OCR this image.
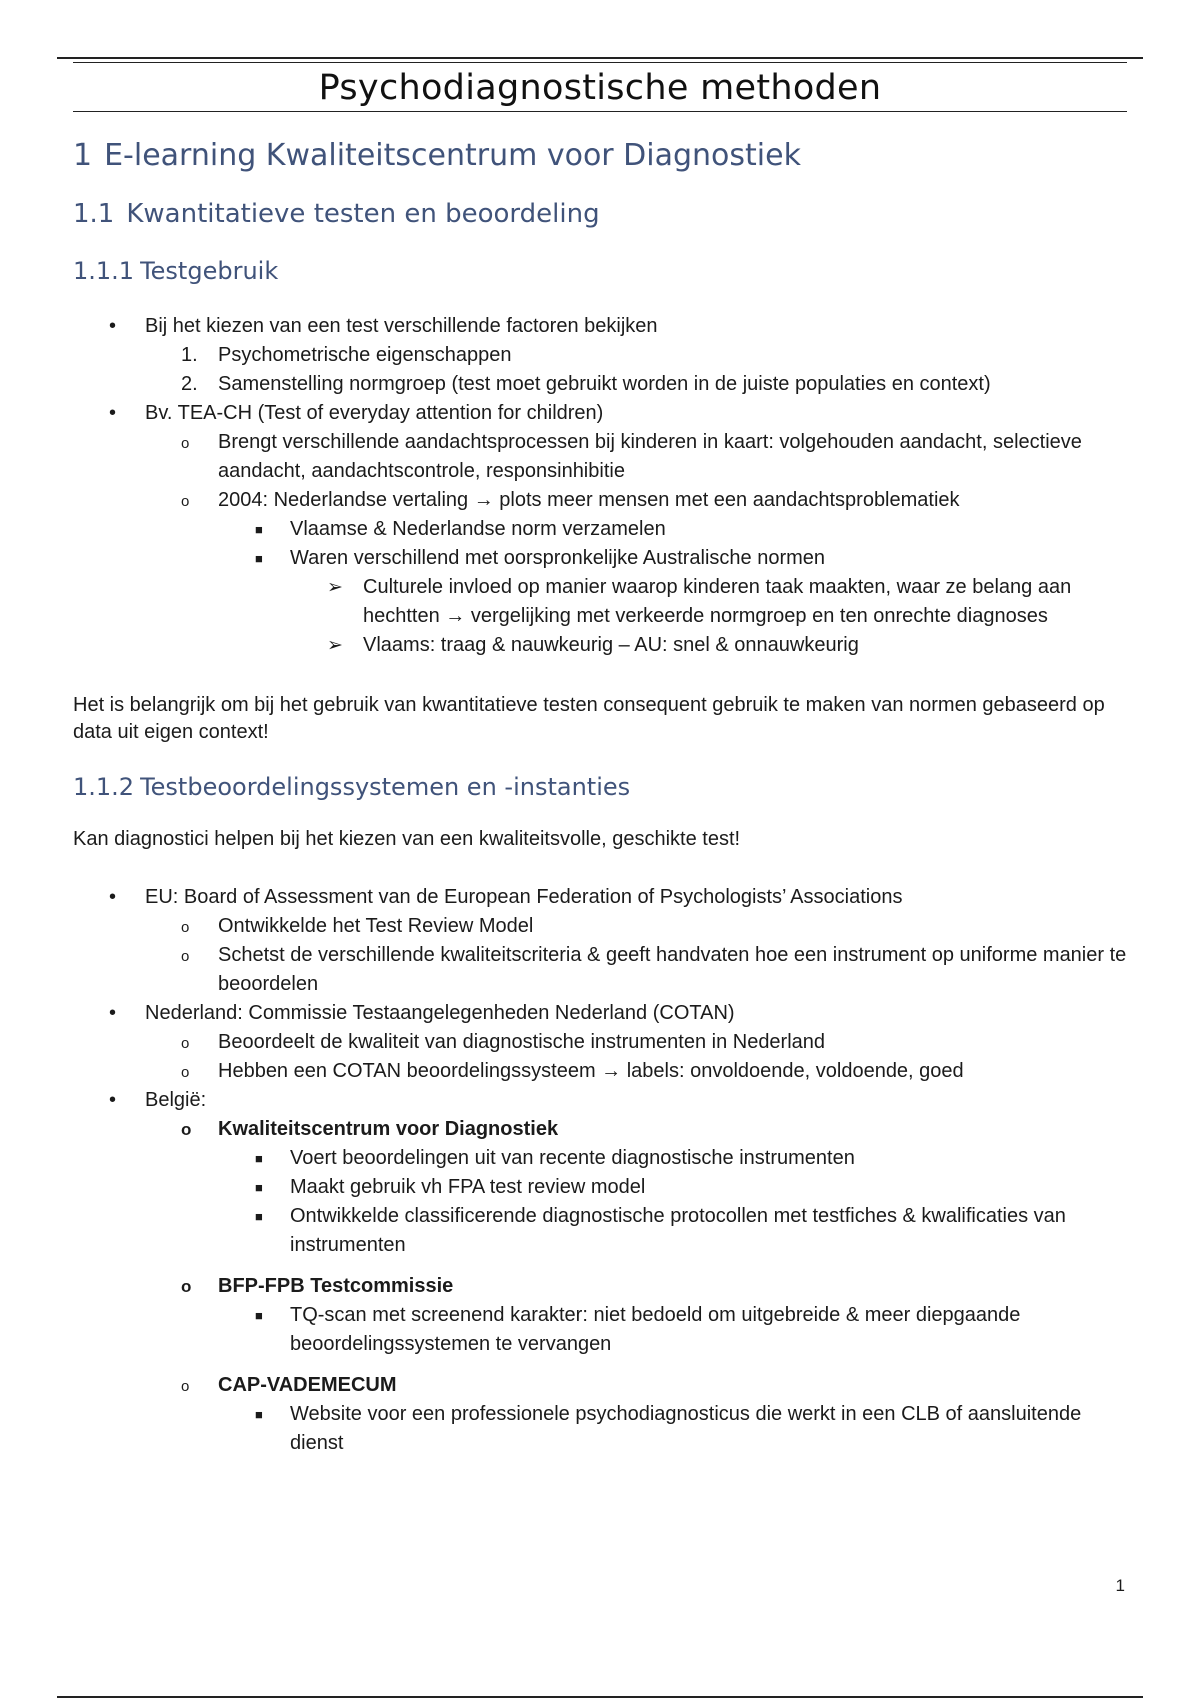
Psychodiagnostische methoden
1 E-learning Kwaliteitscentrum voor Diagnostiek
1.1 Kwantitatieve testen en beoordeling
1.1.1 Testgebruik
•
Bij het kiezen van een test verschillende factoren bekijken
1. Psychometrische eigenschappen
2. Samenstelling normgroep (test moet gebruikt worden in de juiste populaties en context)
•
Bv. TEA-CH (Test of everyday attention for children)
o Brengt verschillende aandachtsprocessen bij kinderen in kaart: volgehouden aandacht, selectieve aandacht, aandachtscontrole, responsinhibitie
o 2004: Nederlandse vertaling → plots meer mensen met een aandachtsproblematiek
■ Vlaamse & Nederlandse norm verzamelen
■ Waren verschillend met oorspronkelijke Australische normen
➢ Culturele invloed op manier waarop kinderen taak maakten, waar ze belang aan hechtten → vergelijking met verkeerde normgroep en ten onrechte diagnoses
➢ Vlaams: traag & nauwkeurig – AU: snel & onnauwkeurig

Het is belangrijk om bij het gebruik van kwantitatieve testen consequent gebruik te maken van normen gebaseerd op data uit eigen context!

1.1.2 Testbeoordelingssystemen en -instanties

Kan diagnostici helpen bij het kiezen van een kwaliteitsvolle, geschikte test!

•
EU: Board of Assessment van de European Federation of Psychologists’ Associations
o Ontwikkelde het Test Review Model
o Schetst de verschillende kwaliteitscriteria & geeft handvaten hoe een instrument op uniforme manier te beoordelen
•
Nederland: Commissie Testaangelegenheden Nederland (COTAN)
o Beoordeelt de kwaliteit van diagnostische instrumenten in Nederland
o Hebben een COTAN beoordelingssysteem → labels: onvoldoende, voldoende, goed
•
België:
o Kwaliteitscentrum voor Diagnostiek
■ Voert beoordelingen uit van recente diagnostische instrumenten
■ Maakt gebruik vh FPA test review model
■ Ontwikkelde classificerende diagnostische protocollen met testfiches & kwalificaties van instrumenten
o BFP-FPB Testcommissie
■ TQ-scan met screenend karakter: niet bedoeld om uitgebreide & meer diepgaande beoordelingssystemen te vervangen
o CAP-VADEMECUM
■ Website voor een professionele psychodiagnosticus die werkt in een CLB of aansluitende dienst
1
